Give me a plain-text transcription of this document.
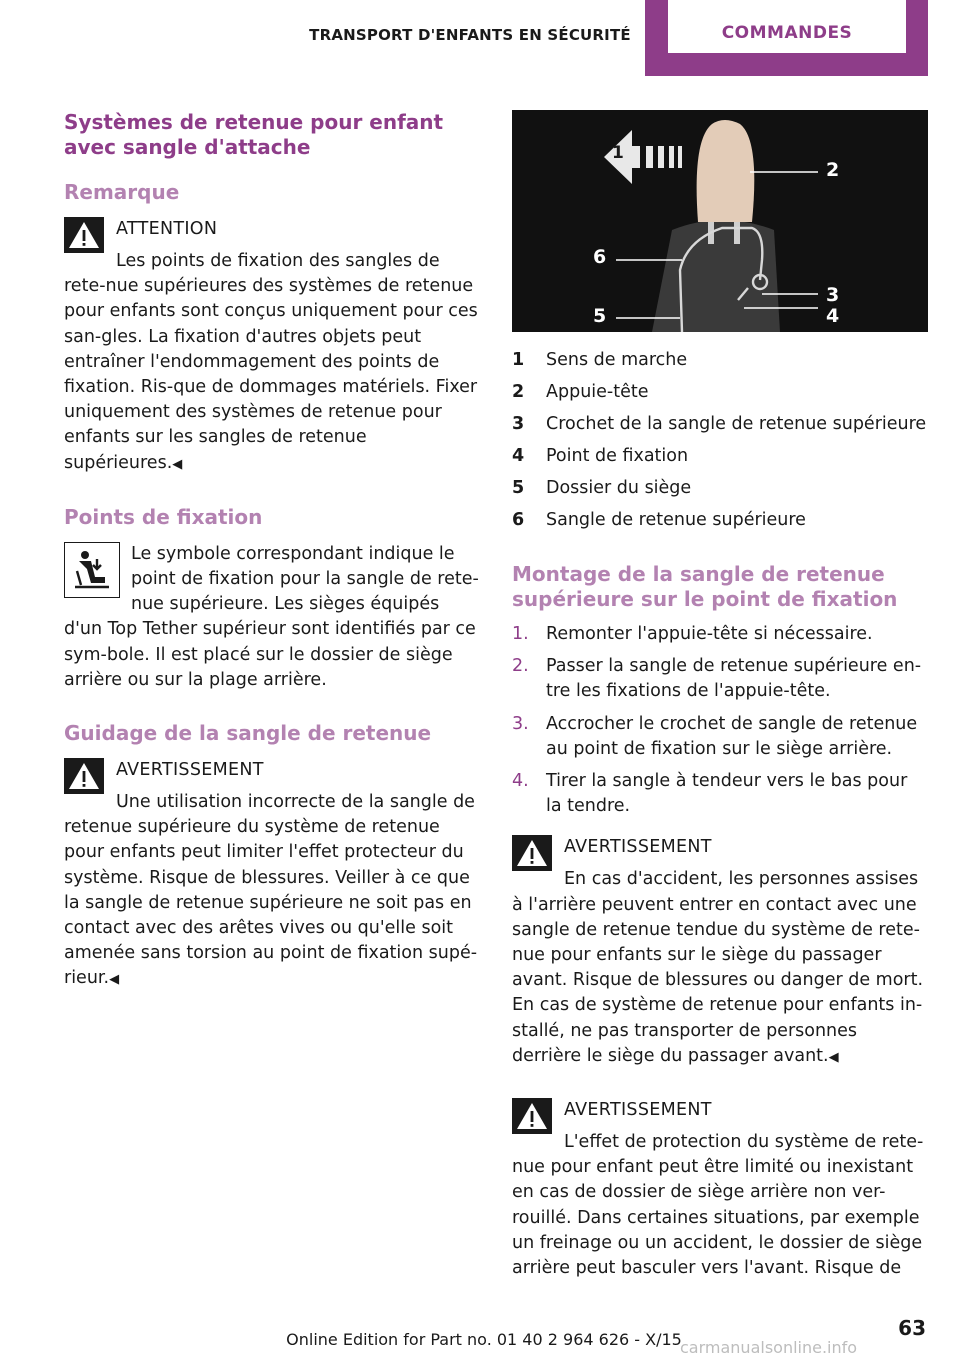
TRANSPORT D'ENFANTS EN SÉCURITÉ	COMMANDES
Systèmes de retenue pour enfant avec sangle d'attache
Remarque
ATTENTION

Les points de fixation des sangles de rete-nue supérieures des systèmes de retenue pour enfants sont conçus uniquement pour ces san-gles. La fixation d'autres objets peut entraîner l'endommagement des points de fixation. Ris-que de dommages matériels. Fixer uniquement des systèmes de retenue pour enfants sur les sangles de retenue supérieures.◀

Points de fixation

Le symbole correspondant indique le point de fixation pour la sangle de rete-nue supérieure. Les sièges équipés d'un Top Tether supérieur sont identifiés par ce sym-bole. Il est placé sur le dossier de siège arrière ou sur la plage arrière.

Guidage de la sangle de retenue
AVERTISSEMENT

Une utilisation incorrecte de la sangle de retenue supérieure du système de retenue pour enfants peut limiter l'effet protecteur du système. Risque de blessures. Veiller à ce que la sangle de retenue supérieure ne soit pas en contact avec des arêtes vives ou qu'elle soit amenée sans torsion au point de fixation supé-rieur.◀

1
2
6
3
4
5
1	Sens de marche
2	Appuie-tête
3	Crochet de la sangle de retenue supérieure
4	Point de fixation
5	Dossier du siège
6	Sangle de retenue supérieure
Montage de la sangle de retenue supérieure sur le point de fixation
1. Remonter l'appuie-tête si nécessaire.
2. Passer la sangle de retenue supérieure en-tre les fixations de l'appuie-tête.
3. Accrocher le crochet de sangle de retenue au point de fixation sur le siège arrière.
4. Tirer la sangle à tendeur vers le bas pour la tendre.
AVERTISSEMENT

En cas d'accident, les personnes assises à l'arrière peuvent entrer en contact avec une sangle de retenue tendue du système de rete-nue pour enfants sur le siège du passager avant. Risque de blessures ou danger de mort. En cas de système de retenue pour enfants in-stallé, ne pas transporter de personnes derrière le siège du passager avant.◀

AVERTISSEMENT

L'effet de protection du système de rete-nue pour enfant peut être limité ou inexistant en cas de dossier de siège arrière non ver-rouillé. Dans certaines situations, par exemple un freinage ou un accident, le dossier de siège arrière peut basculer vers l'avant. Risque de

Online Edition for Part no. 01 40 2 964 626 - X/15	63
carmanualsonline.info
